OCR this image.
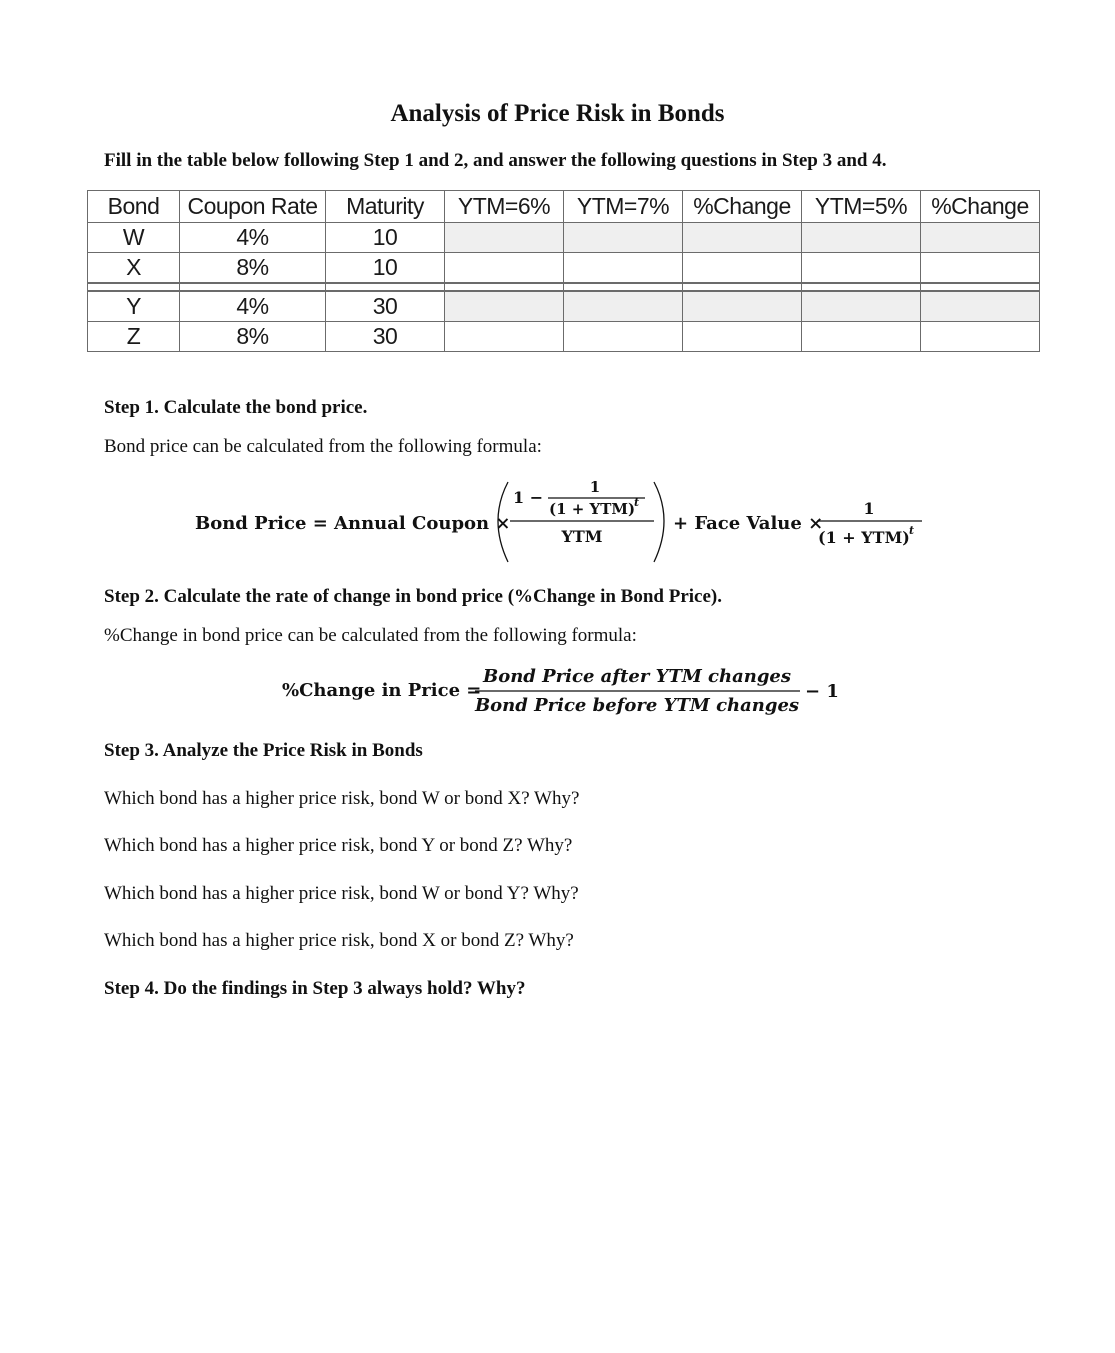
Analysis of Price Risk in Bonds
Fill in the table below following Step 1 and 2, and answer the following questions in Step 3 and 4.
Bond	Coupon Rate	Maturity	YTM=6%	YTM=7%	%Change	YTM=5%	%Change
W	4%	10					
X	8%	10					

Y	4%	30					
Z	8%	30					
Step 1. Calculate the bond price.
Bond price can be calculated from the following formula:
Bond Price = Annual Coupon ×
1 −
1
(1 + YTM)
t
YTM
+ Face Value ×
1
(1 + YTM) t
Step 2. Calculate the rate of change in bond price (%Change in Bond Price).
%Change in bond price can be calculated from the following formula:
%Change in Price =
Bond Price after YTM changes
Bond Price before YTM changes
− 1
Step 3. Analyze the Price Risk in Bonds
Which bond has a higher price risk, bond W or bond X? Why?
Which bond has a higher price risk, bond Y or bond Z? Why?
Which bond has a higher price risk, bond W or bond Y? Why?
Which bond has a higher price risk, bond X or bond Z? Why?
Step 4. Do the findings in Step 3 always hold? Why?
